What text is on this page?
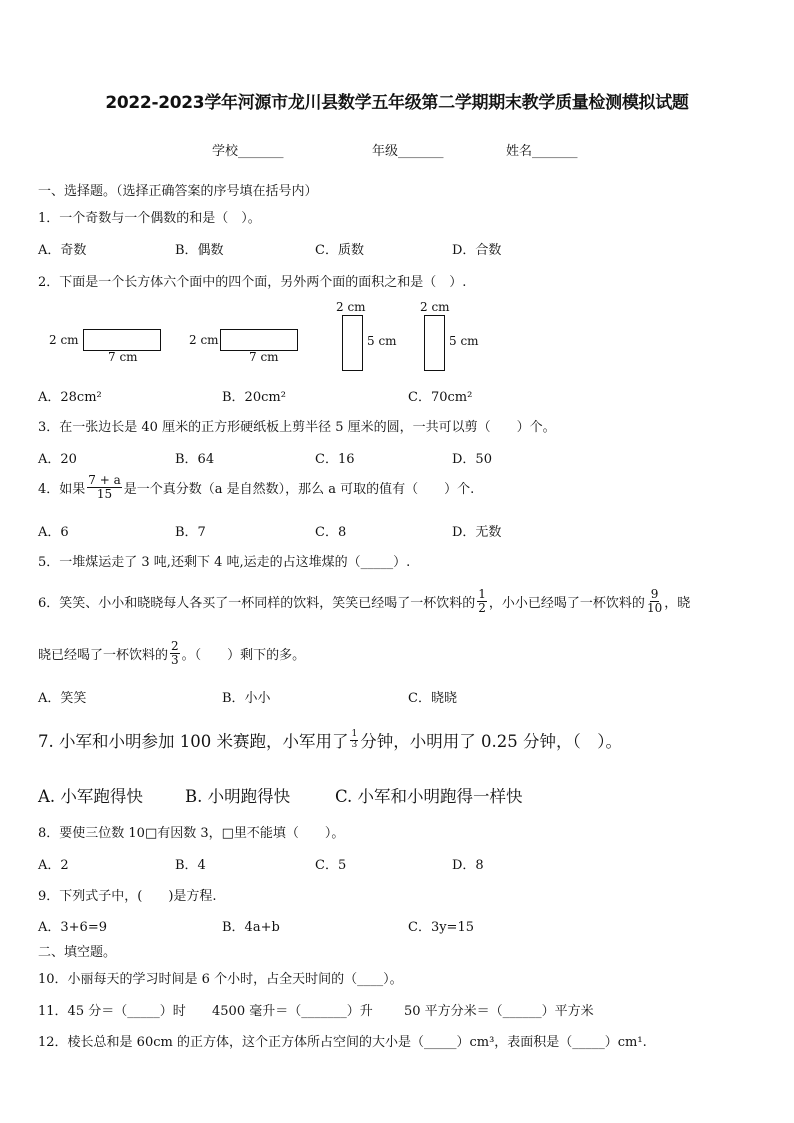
2022-2023学年河源市龙川县数学五年级第二学期期末教学质量检测模拟试题
学校_______	年级_______	姓名_______
一、选择题。（选择正确答案的序号填在括号内）
1．一个奇数与一个偶数的和是（　）。
A．奇数	B．偶数	C．质数	D．合数
2．下面是一个长方体六个面中的四个面，另外两个面的面积之和是（　）.
2 cm
7 cm
2 cm
7 cm
2 cm
5 cm
2 cm
5 cm
A．28cm²	B．20cm²	C．70cm²
3．在一张边长是 40 厘米的正方形硬纸板上剪半径 5 厘米的圆，一共可以剪（　　）个。
A．20	B．64	C．16	D．50
4．如果 $\frac{7 + a}{15}$ 是一个真分数（a 是自然数），那么 a 可取的值有（　　）个.
A．6	B．7	C．8	D．无数
5．一堆煤运走了 3 吨,还剩下 4 吨,运走的占这堆煤的（_____）.
6．笑笑、小小和晓晓每人各买了一杯同样的饮料，笑笑已经喝了一杯饮料的 $\frac{1}{2}$ ，小小已经喝了一杯饮料的 $\frac{9}{10}$ ，晓
晓已经喝了一杯饮料的 $\frac{2}{3}$ 。（　　）剩下的多。
A．笑笑	B．小小	C．晓晓
7. 小军和小明参加 100 米赛跑，小军用了 $\frac{1}{3}$ 分钟，小明用了 0.25 分钟，（　）。
A. 小军跑得快	B. 小明跑得快	C. 小军和小明跑得一样快
8．要使三位数 10□有因数 3，□里不能填（　　）。
A．2	B．4	C．5	D．8
9．下列式子中，(　　)是方程.
A．3+6=9	B．4a+b	C．3y=15
二、填空题。
10．小丽每天的学习时间是 6 个小时，占全天时间的（____）。
11．45 分＝（_____）时 4500 毫升＝（_______）升 50 平方分米＝（______）平方米
12．棱长总和是 60cm 的正方体，这个正方体所占空间的大小是（_____）cm³，表面积是（_____）cm¹.
